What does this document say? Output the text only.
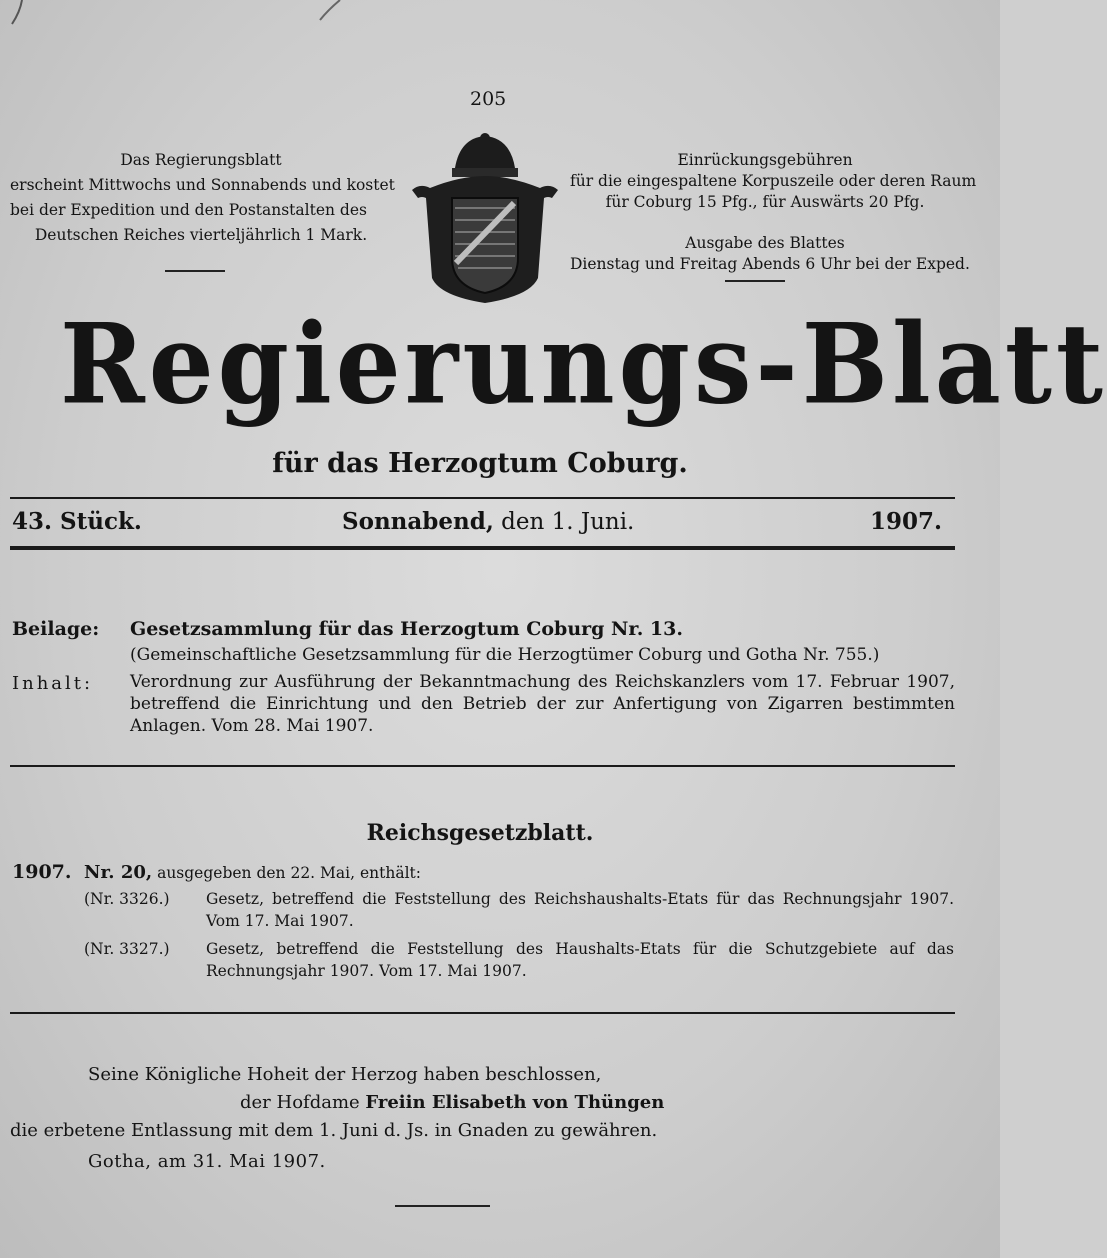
205
Das Regierungsblatt
erscheint Mittwochs und Sonnabends und kostet
bei der Expedition und den Postanstalten des
Deutschen Reiches vierteljährlich 1 Mark.
Einrückungsgebühren
für die eingespaltene Korpuszeile oder deren Raum
für Coburg 15 Pfg., für Auswärts 20 Pfg.
Ausgabe des Blattes
Dienstag und Freitag Abends 6 Uhr bei der Exped.
Regierungs-Blatt
für das Herzogtum Coburg.
43. Stück.	Sonnabend, den 1. Juni.	1907.
Beilage: Gesetzsammlung für das Herzogtum Coburg Nr. 13.
(Gemeinschaftliche Gesetzsammlung für die Herzogtümer Coburg und Gotha Nr. 755.)
Inhalt: Verordnung zur Ausführung der Bekanntmachung des Reichskanzlers vom 17. Februar 1907, betreffend die Einrichtung und den Betrieb der zur Anfertigung von Zigarren bestimmten Anlagen. Vom 28. Mai 1907.
Reichsgesetzblatt.
1907. Nr. 20, ausgegeben den 22. Mai, enthält:
(Nr. 3326.) Gesetz, betreffend die Feststellung des Reichshaushalts-Etats für das Rechnungsjahr 1907. Vom 17. Mai 1907.
(Nr. 3327.) Gesetz, betreffend die Feststellung des Haushalts-Etats für die Schutzgebiete auf das Rechnungsjahr 1907. Vom 17. Mai 1907.
Seine Königliche Hoheit der Herzog haben beschlossen,
der Hofdame Freiin Elisabeth von Thüngen
die erbetene Entlassung mit dem 1. Juni d. Js. in Gnaden zu gewähren.
Gotha, am 31. Mai 1907.
